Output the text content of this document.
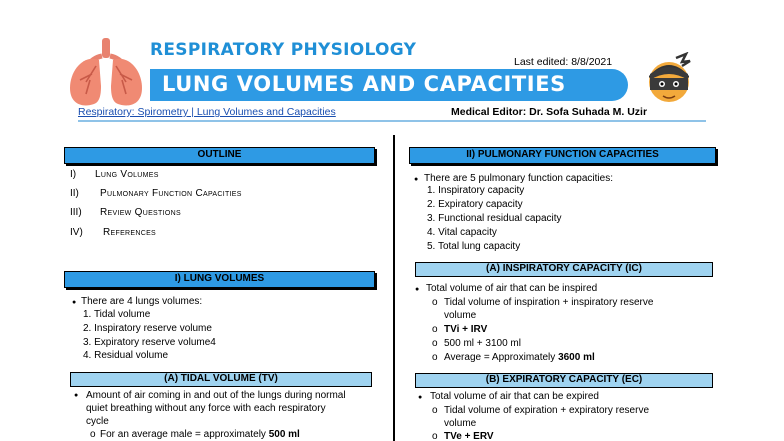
RESPIRATORY PHYSIOLOGY
LUNG VOLUMES AND CAPACITIES
Last edited: 8/8/2021
Respiratory: Spirometry | Lung Volumes and Capacities	Medical Editor: Dr. Sofa Suhada M. Uzir
OUTLINE
I) Lung Volumes
II) Pulmonary Function Capacities
III) Review Questions
IV) References
I) LUNG VOLUMES
● There are 4 lungs volumes:
1. Tidal volume
2. Inspiratory reserve volume
3. Expiratory reserve volume4
4. Residual volume
(A) TIDAL VOLUME (TV)
● Amount of air coming in and out of the lungs during normal
quiet breathing without any force with each respiratory
cycle
o For an average male = approximately 500 ml
II) PULMONARY FUNCTION CAPACITIES
● There are 5 pulmonary function capacities:
1. Inspiratory capacity
2. Expiratory capacity
3. Functional residual capacity
4. Vital capacity
5. Total lung capacity
(A) INSPIRATORY CAPACITY (IC)
● Total volume of air that can be inspired
o Tidal volume of inspiration + inspiratory reserve
volume
o TVi + IRV
o 500 ml + 3100 ml
o Average = Approximately 3600 ml
(B) EXPIRATORY CAPACITY (EC)
● Total volume of air that can be expired
o Tidal volume of expiration + expiratory reserve
volume
o TVe + ERV
